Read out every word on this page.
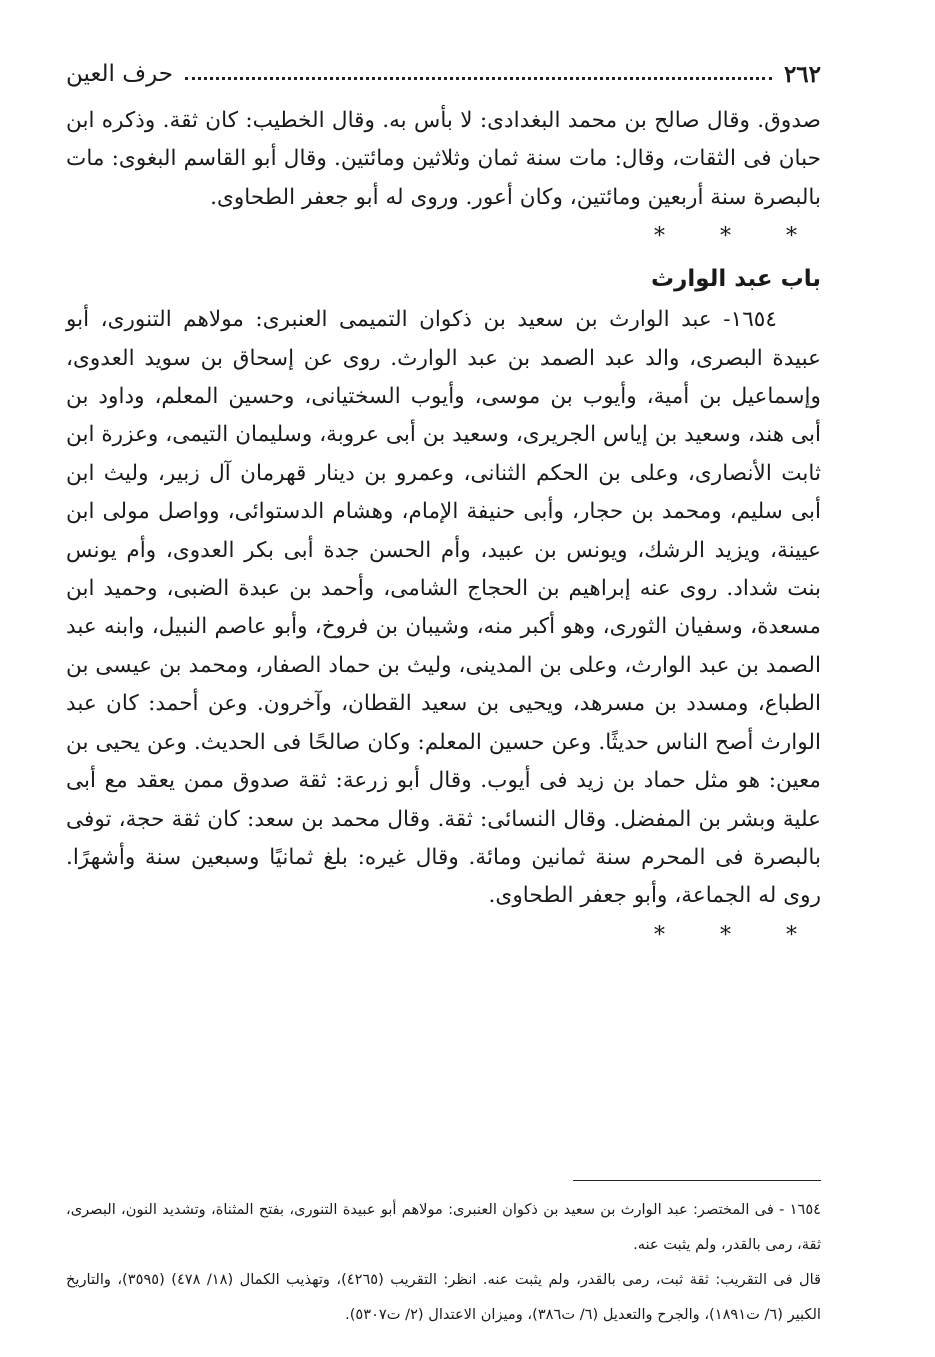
٢٦٢
حرف العين

صدوق. وقال صالح بن محمد البغدادى: لا بأس به. وقال الخطيب: كان ثقة. وذكره ابن حبان فى الثقات، وقال: مات سنة ثمان وثلاثين ومائتين. وقال أبو القاسم البغوى: مات بالبصرة سنة أربعين ومائتين، وكان أعور. وروى له أبو جعفر الطحاوى.

* * *
باب عبد الوارث

١٦٥٤- عبد الوارث بن سعيد بن ذكوان التميمى العنبرى: مولاهم التنورى، أبو عبيدة البصرى، والد عبد الصمد بن عبد الوارث. روى عن إسحاق بن سويد العدوى، وإسماعيل بن أمية، وأيوب بن موسى، وأيوب السختيانى، وحسين المعلم، وداود بن أبى هند، وسعيد بن إياس الجريرى، وسعيد بن أبى عروبة، وسليمان التيمى، وعزرة ابن ثابت الأنصارى، وعلى بن الحكم الثنانى، وعمرو بن دينار قهرمان آل زبير، وليث ابن أبى سليم، ومحمد بن حجار، وأبى حنيفة الإمام، وهشام الدستوائى، وواصل مولى ابن عيينة، ويزيد الرشك، ويونس بن عبيد، وأم الحسن جدة أبى بكر العدوى، وأم يونس بنت شداد. روى عنه إبراهيم بن الحجاج الشامى، وأحمد بن عبدة الضبى، وحميد ابن مسعدة، وسفيان الثورى، وهو أكبر منه، وشيبان بن فروخ، وأبو عاصم النبيل، وابنه عبد الصمد بن عبد الوارث، وعلى بن المدينى، وليث بن حماد الصفار، ومحمد بن عيسى بن الطباع، ومسدد بن مسرهد، ويحيى بن سعيد القطان، وآخرون. وعن أحمد: كان عبد الوارث أصح الناس حديثًا. وعن حسين المعلم: وكان صالحًا فى الحديث. وعن يحيى بن معين: هو مثل حماد بن زيد فى أيوب. وقال أبو زرعة: ثقة صدوق ممن يعقد مع أبى علية وبشر بن المفضل. وقال النسائى: ثقة. وقال محمد بن سعد: كان ثقة حجة، توفى بالبصرة فى المحرم سنة ثمانين ومائة. وقال غيره: بلغ ثمانيًا وسبعين سنة وأشهرًا. روى له الجماعة، وأبو جعفر الطحاوى.

* * *

١٦٥٤ - فى المختصر: عبد الوارث بن سعيد بن ذكوان العنبرى: مولاهم أبو عبيدة التنورى، بفتح المثناة، وتشديد النون، البصرى، ثقة، رمى بالقدر، ولم يثبت عنه.

قال فى التقريب: ثقة ثبت، رمى بالقدر، ولم يثبت عنه. انظر: التقريب (٤٢٦٥)، وتهذيب الكمال (١٨/ ٤٧٨) (٣٥٩٥)، والتاريخ الكبير (٦/ ت١٨٩١)، والجرح والتعديل (٦/ ت٣٨٦)، وميزان الاعتدال (٢/ ت٥٣٠٧).
